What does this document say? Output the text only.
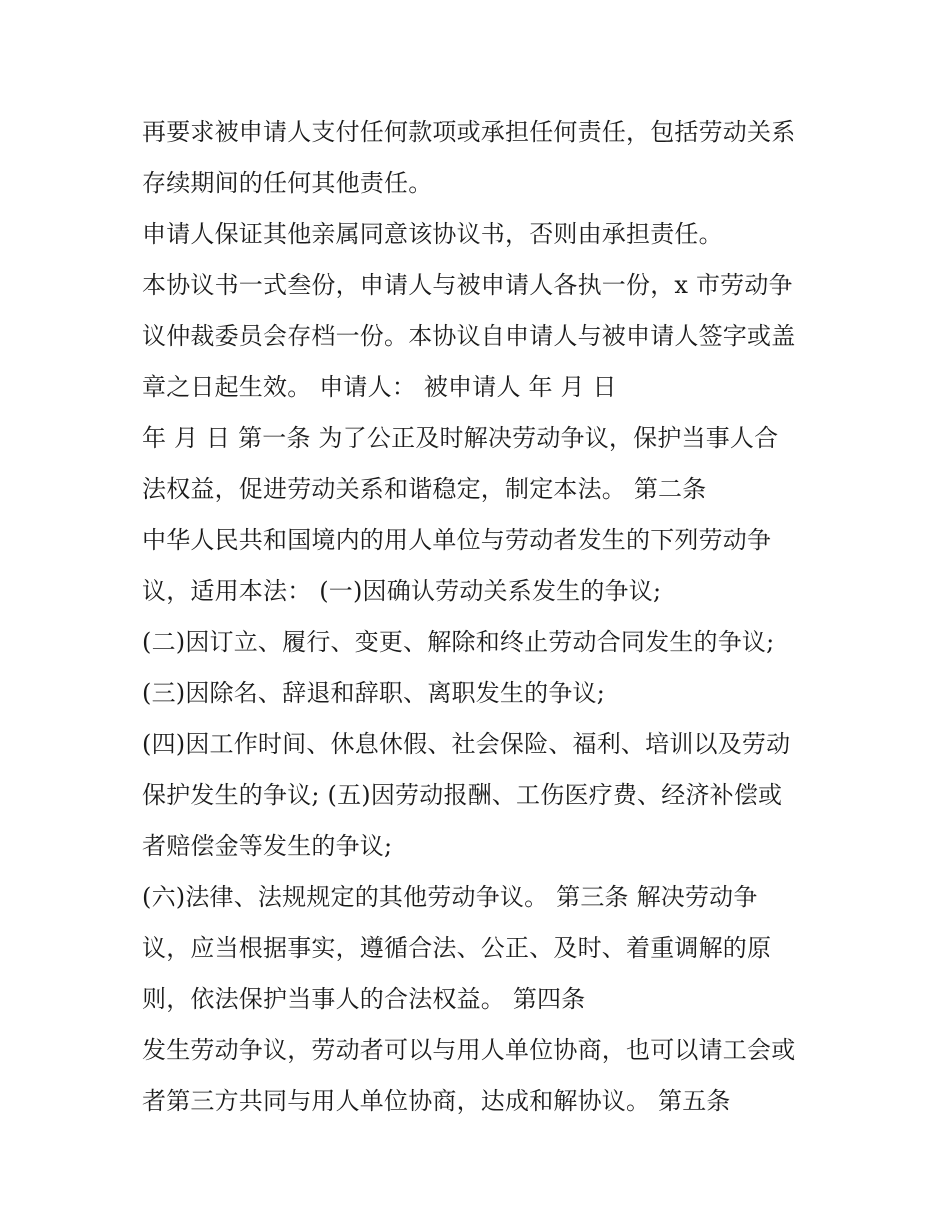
再要求被申请人支付任何款项或承担任何责任，包括劳动关系
存续期间的任何其他责任。
申请人保证其他亲属同意该协议书，否则由承担责任。
本协议书一式叁份，申请人与被申请人各执一份，x 市劳动争
议仲裁委员会存档一份。本协议自申请人与被申请人签字或盖
章之日起生效。 申请人： 被申请人 年 月 日
年 月 日 第一条 为了公正及时解决劳动争议，保护当事人合
法权益，促进劳动关系和谐稳定，制定本法。 第二条
中华人民共和国境内的用人单位与劳动者发生的下列劳动争
议，适用本法： (一)因确认劳动关系发生的争议;
(二)因订立、履行、变更、解除和终止劳动合同发生的争议;
(三)因除名、辞退和辞职、离职发生的争议;
(四)因工作时间、休息休假、社会保险、福利、培训以及劳动
保护发生的争议; (五)因劳动报酬、工伤医疗费、经济补偿或
者赔偿金等发生的争议;
(六)法律、法规规定的其他劳动争议。 第三条 解决劳动争
议，应当根据事实，遵循合法、公正、及时、着重调解的原
则，依法保护当事人的合法权益。 第四条
发生劳动争议，劳动者可以与用人单位协商，也可以请工会或
者第三方共同与用人单位协商，达成和解协议。 第五条
